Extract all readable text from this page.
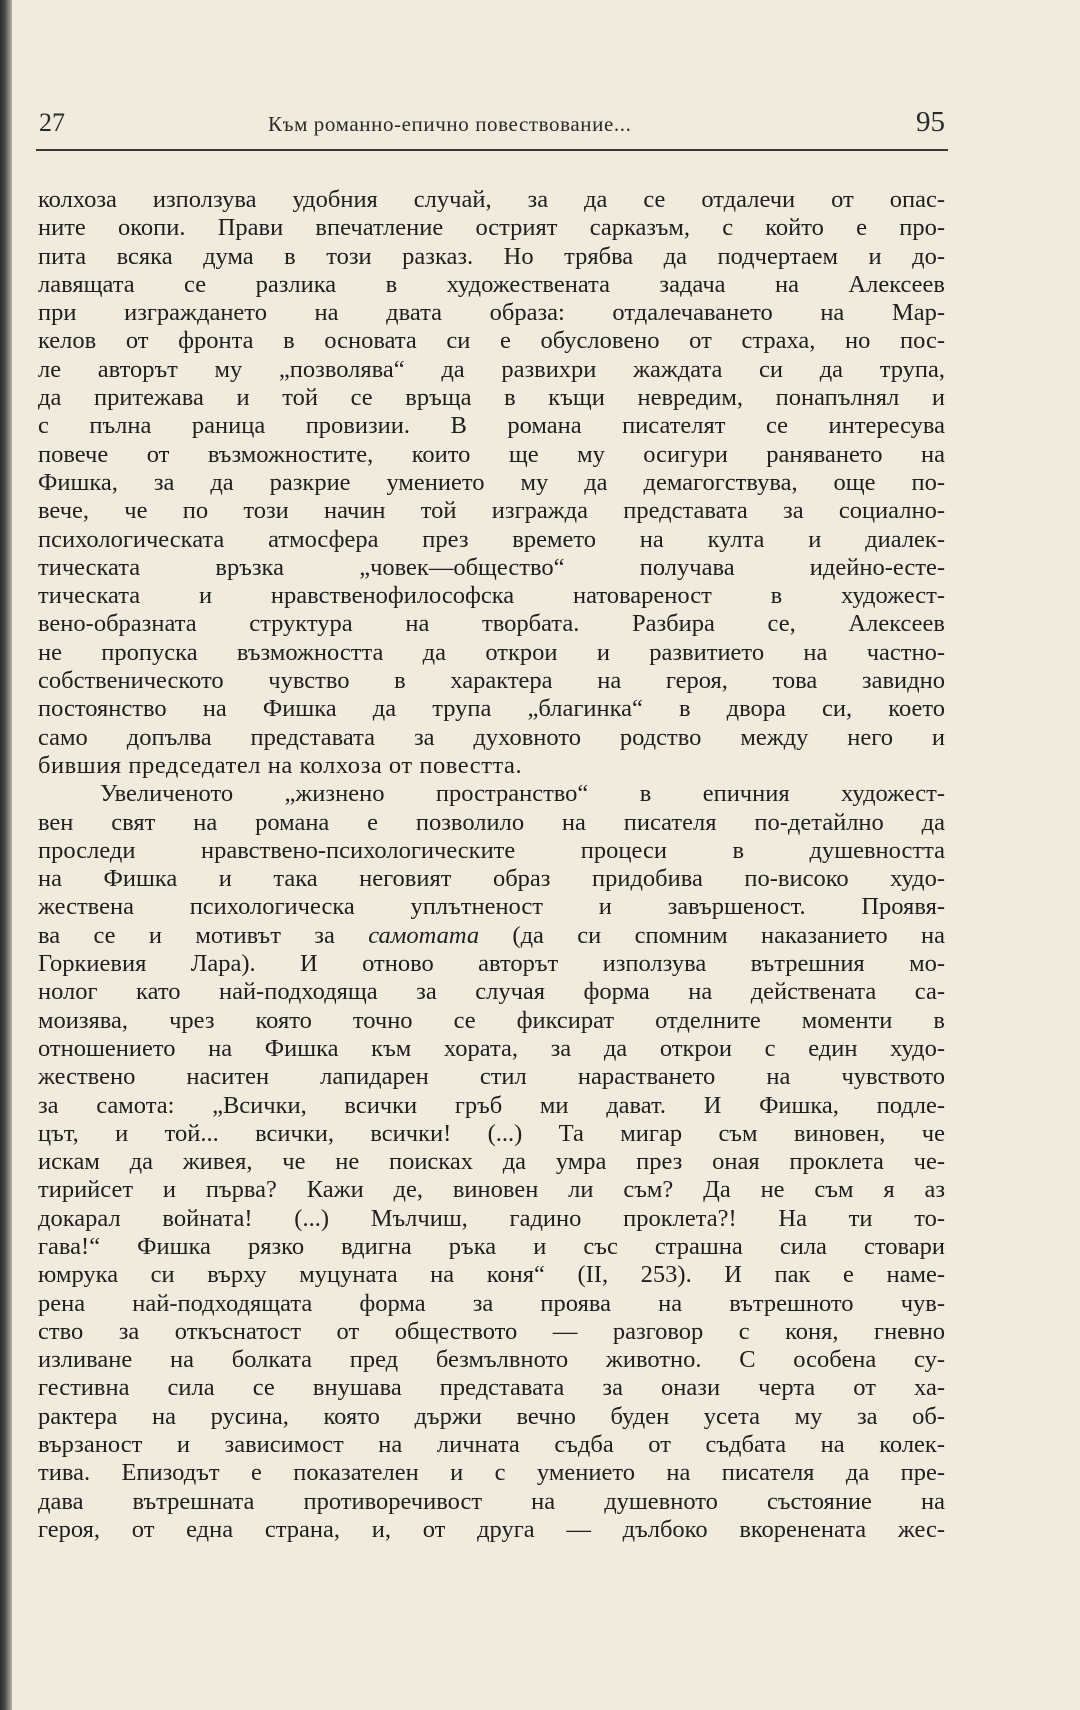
27	Към романно-епично повествование...	95
колхоза използува удобния случай, за да се отдалечи от опас-
ните окопи. Прави впечатление острият сарказъм, с който е про-
пита всяка дума в този разказ. Но трябва да подчертаем и до-
лавящата се разлика в художествената задача на Алексеев
при изграждането на двата образа: отдалечаването на Мар-
келов от фронта в основата си е обусловено от страха, но пос-
ле авторът му „позволява“ да развихри жаждата си да трупа,
да притежава и той се връща в къщи невредим, понапълнял и
с пълна раница провизии. В романа писателят се интересува
повече от възможностите, които ще му осигури раняването на
Фишка, за да разкрие умението му да демагогствува, още по-
вече, че по този начин той изгражда представата за социално-
психологическата атмосфера през времето на култа и диалек-
тическата връзка „човек—общество“ получава идейно-есте-
тическата и нравственофилософска натовареност в художест-
вено-образната структура на творбата. Разбира се, Алексеев
не пропуска възможността да открои и развитието на частно-
собственическото чувство в характера на героя, това завидно
постоянство на Фишка да трупа „благинка“ в двора си, което
само допълва представата за духовното родство между него и
бившия председател на колхоза от повестта.
Увеличеното „жизнено пространство“ в епичния художест-
вен свят на романа е позволило на писателя по-детайлно да
проследи нравствено-психологическите процеси в душевността
на Фишка и така неговият образ придобива по-високо худо-
жествена психологическа уплътненост и завършеност. Проявя-
ва се и мотивът за самотата (да си спомним наказанието на
Горкиевия Лара). И отново авторът използува вътрешния мо-
нолог като най-подходяща за случая форма на действената са-
моизява, чрез която точно се фиксират отделните моменти в
отношението на Фишка към хората, за да открои с един худо-
жествено наситен лапидарен стил нарастването на чувството
за самота: „Всички, всички гръб ми дават. И Фишка, подле-
цът, и той... всички, всички! (...) Та мигар съм виновен, че
искам да живея, че не поисках да умра през оная проклета че-
тирийсет и първа? Кажи де, виновен ли съм? Да не съм я аз
докарал войната! (...) Мълчиш, гадино проклета?! На ти то-
гава!“ Фишка рязко вдигна ръка и със страшна сила стовари
юмрука си върху муцуната на коня“ (II, 253). И пак е наме-
рена най-подходящата форма за проява на вътрешното чув-
ство за откъснатост от обществото — разговор с коня, гневно
изливане на болката пред безмълвното животно. С особена су-
гестивна сила се внушава представата за онази черта от ха-
рактера на русина, която държи вечно буден усета му за об-
вързаност и зависимост на личната съдба от съдбата на колек-
тива. Епизодът е показателен и с умението на писателя да пре-
дава вътрешната противоречивост на душевното състояние на
героя, от една страна, и, от друга — дълбоко вкоренената жес-
